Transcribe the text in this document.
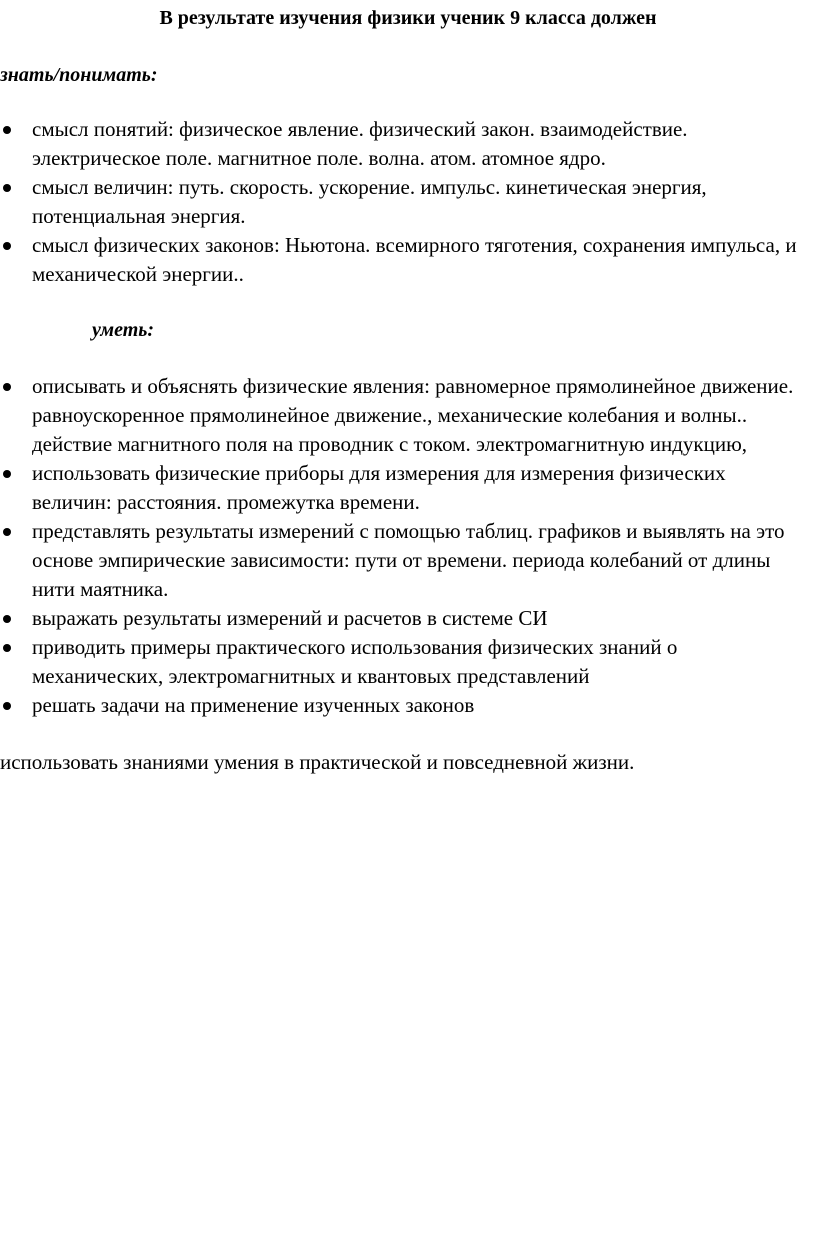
В результате изучения физики ученик 9 класса должен
знать/понимать:
смысл понятий: физическое явление. физический закон. взаимодействие. электрическое поле. магнитное поле. волна. атом. атомное ядро.
смысл величин: путь. скорость. ускорение. импульс. кинетическая энергия, потенциальная энергия.
смысл физических законов: Ньютона. всемирного тяготения, сохранения импульса, и механической энергии..
уметь:
описывать и объяснять физические явления: равномерное прямолинейное движение. равноускоренное прямолинейное движение., механические колебания и волны.. действие магнитного поля на проводник с током. электромагнитную индукцию,
использовать физические приборы для измерения для измерения физических величин: расстояния. промежутка времени.
представлять результаты измерений с помощью таблиц. графиков и выявлять на это основе эмпирические зависимости: пути от времени. периода колебаний от длины нити маятника.
выражать результаты измерений и расчетов в системе СИ
приводить примеры практического использования физических знаний о механических, электромагнитных и квантовых представлений
решать задачи на применение изученных законов
использовать знаниями умения в практической и повседневной жизни.
